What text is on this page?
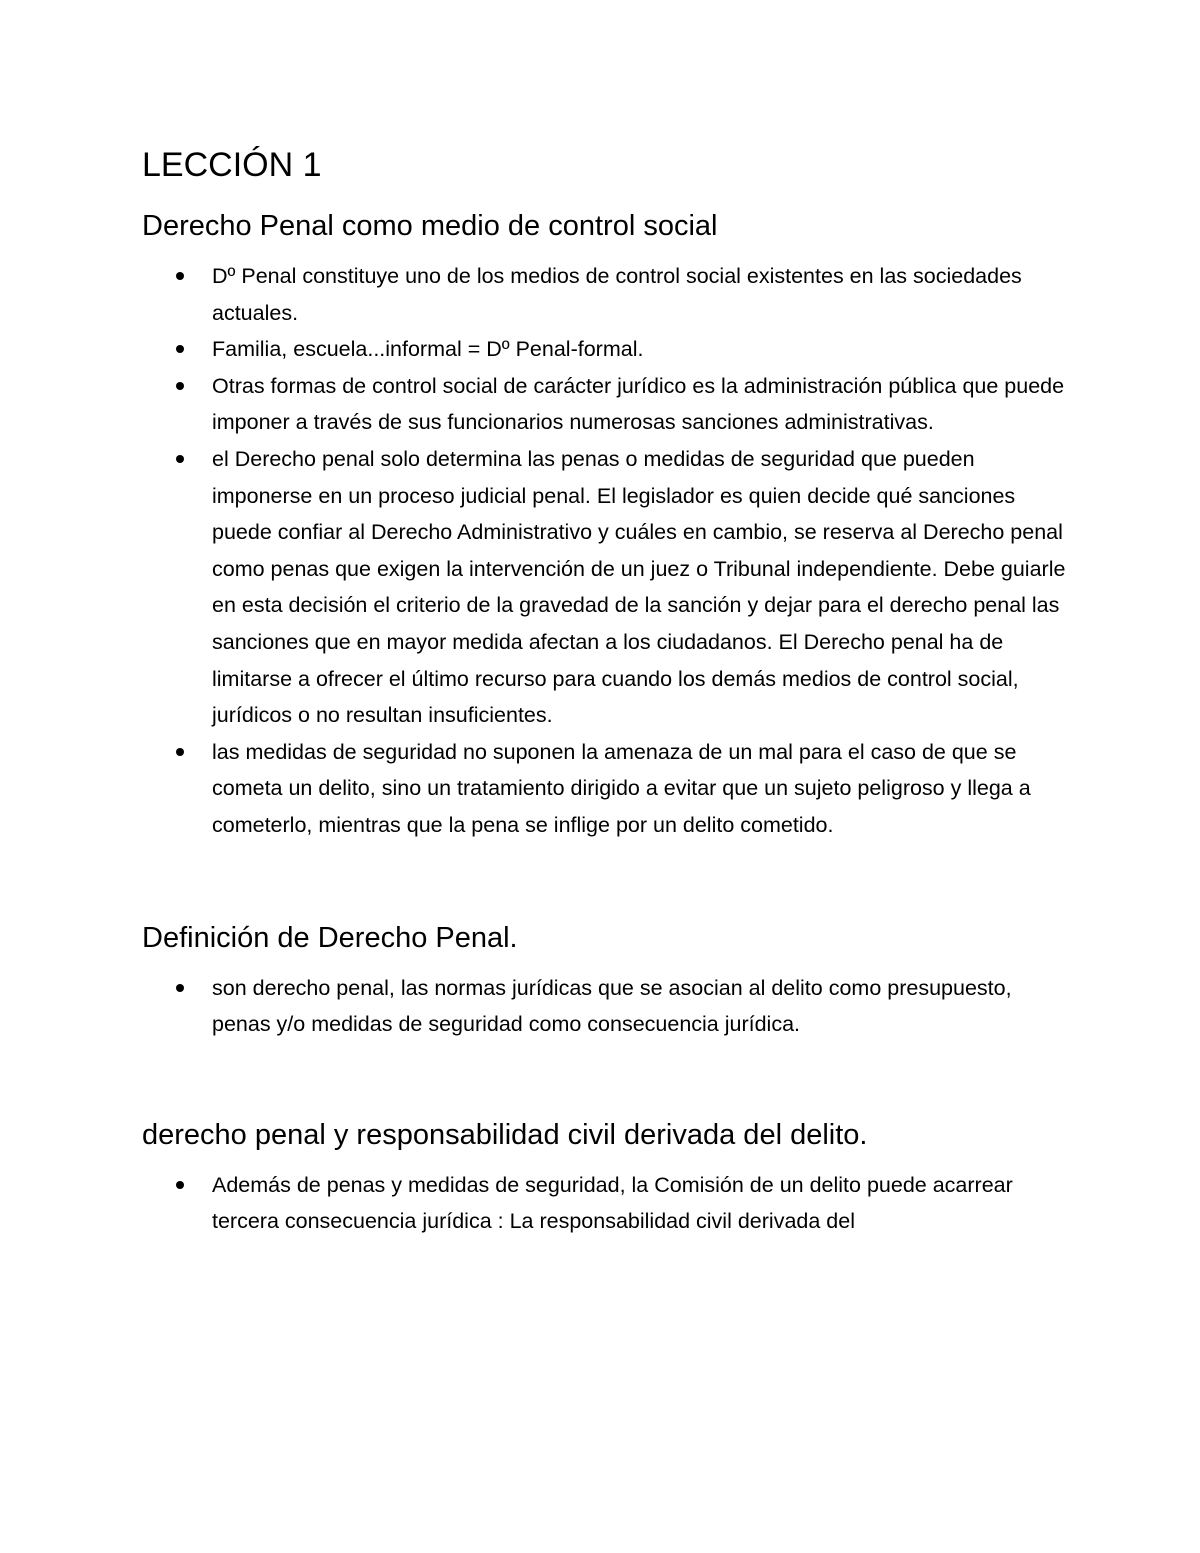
LECCIÓN 1
Derecho Penal como medio de control social
Dº Penal constituye uno de los medios de control social existentes en las sociedades actuales.
Familia, escuela...informal = Dº Penal-formal.
Otras formas de control social de carácter jurídico es la administración pública que puede imponer a través de sus funcionarios numerosas sanciones administrativas.
el Derecho penal solo determina las penas o medidas de seguridad que pueden imponerse en un proceso judicial penal. El legislador es quien decide qué sanciones puede confiar al Derecho Administrativo y cuáles en cambio, se reserva al Derecho penal como penas que exigen la intervención de un juez o Tribunal independiente. Debe guiarle en esta decisión el criterio de la gravedad de la sanción y dejar para el derecho penal las sanciones que en mayor medida afectan a los ciudadanos. El Derecho penal ha de limitarse a ofrecer el último recurso para cuando los demás medios de control social, jurídicos o no resultan insuficientes.
las medidas de seguridad no suponen la amenaza de un mal para el caso de que se cometa un delito, sino un tratamiento dirigido a evitar que un sujeto peligroso y llega a cometerlo, mientras que la pena se inflige por un delito cometido.
Definición de Derecho Penal.
son derecho penal, las normas jurídicas que se asocian al delito como presupuesto, penas y/o medidas de seguridad como consecuencia jurídica.
derecho penal y responsabilidad civil derivada del delito.
Además de penas y medidas de seguridad, la Comisión de un delito puede acarrear tercera consecuencia jurídica : La responsabilidad civil derivada del
